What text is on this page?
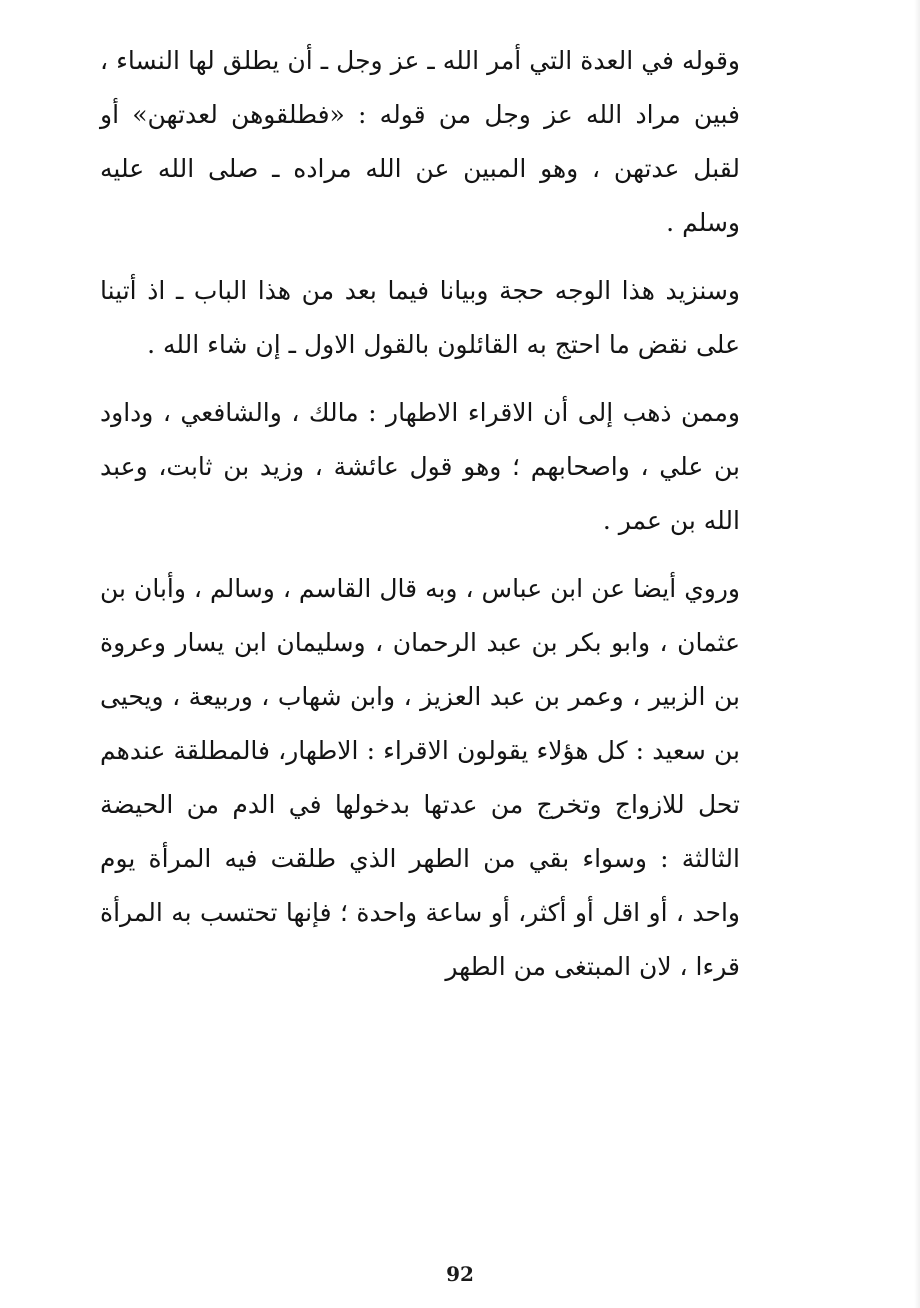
وقوله في العدة التي أمر الله ـ عز وجل ـ أن يطلق لها النساء ، فبين مراد الله عز وجل من قوله : «فطلقوهن لعدتهن» أو لقبل عدتهن ، وهو المبين عن الله مراده ـ صلى الله عليه وسلم .

وسنزيد هذا الوجه حجة وبيانا فيما بعد من هذا الباب ـ اذ أتينا على نقض ما احتج به القائلون بالقول الاول ـ إن شاء الله .

وممن ذهب إلى أن الاقراء الاطهار : مالك ، والشافعي ، وداود بن علي ، واصحابهم ؛ وهو قول عائشة ، وزيد بن ثابت، وعبد الله بن عمر .

وروي أيضا عن ابن عباس ، وبه قال القاسم ، وسالم ، وأبان بن عثمان ، وابو بكر بن عبد الرحمان ، وسليمان ابن يسار وعروة بن الزبير ، وعمر بن عبد العزيز ، وابن شهاب ، وربيعة ، ويحيى بن سعيد : كل هؤلاء يقولون الاقراء : الاطهار، فالمطلقة عندهم تحل للازواج وتخرج من عدتها بدخولها في الدم من الحيضة الثالثة : وسواء بقي من الطهر الذي طلقت فيه المرأة يوم واحد ، أو اقل أو أكثر، أو ساعة واحدة ؛ فإنها تحتسب به المرأة قرءا ، لان المبتغى من الطهر

92
